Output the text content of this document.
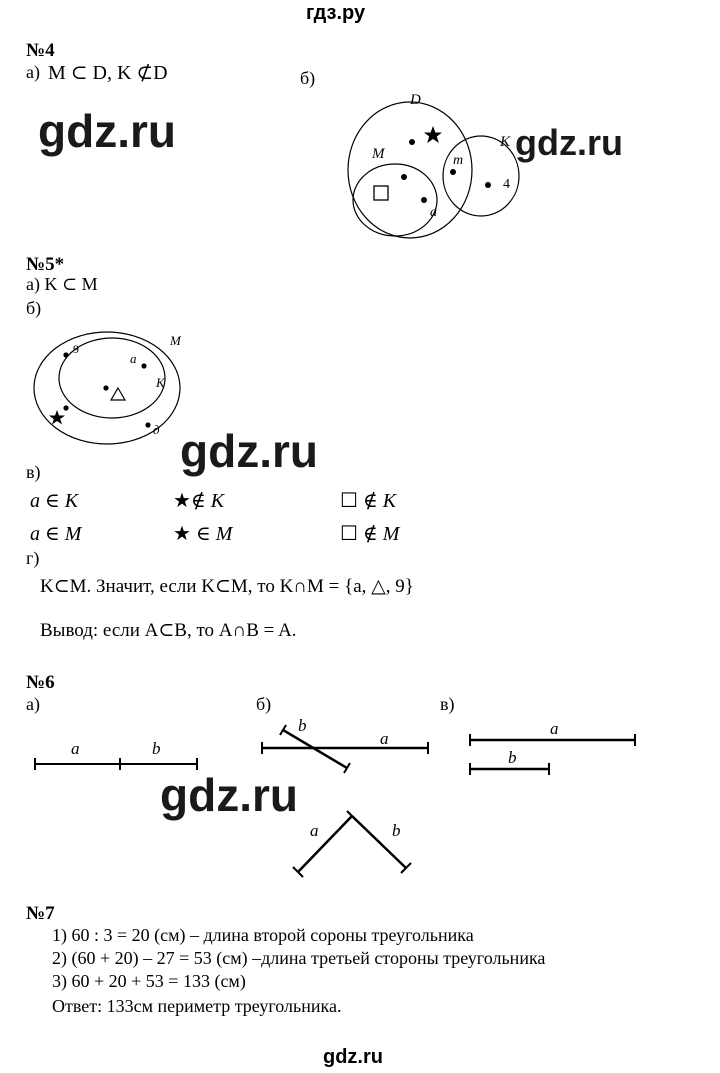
гдз.ру
№4
а) M ⊂ D, K ⊄D	б)
gdz.ru
D
M
K
a
m
4
gdz.ru
№5*
а) K ⊂ M
б)
M
K
9
a
д gdz.ru
в)
a ∈ K	★∉ K	☐ ∉ K
a ∈ M	★ ∈ M	☐ ∉ M
г)
K⊂M. Значит, если K⊂M, то K∩M = {a, △, 9}
Вывод: если A⊂B, то A∩B = A.
№6
а)	б)	в)
a	b
a
b	a
b
a	b
gdz.ru
№7
1) 60 : 3 = 20 (см) – длина второй сороны треугольника
2) (60 + 20) – 27 = 53 (см) –длина третьей стороны треугольника
3) 60 + 20 + 53 = 133 (см)
Ответ: 133см периметр треугольника.
gdz.ru
